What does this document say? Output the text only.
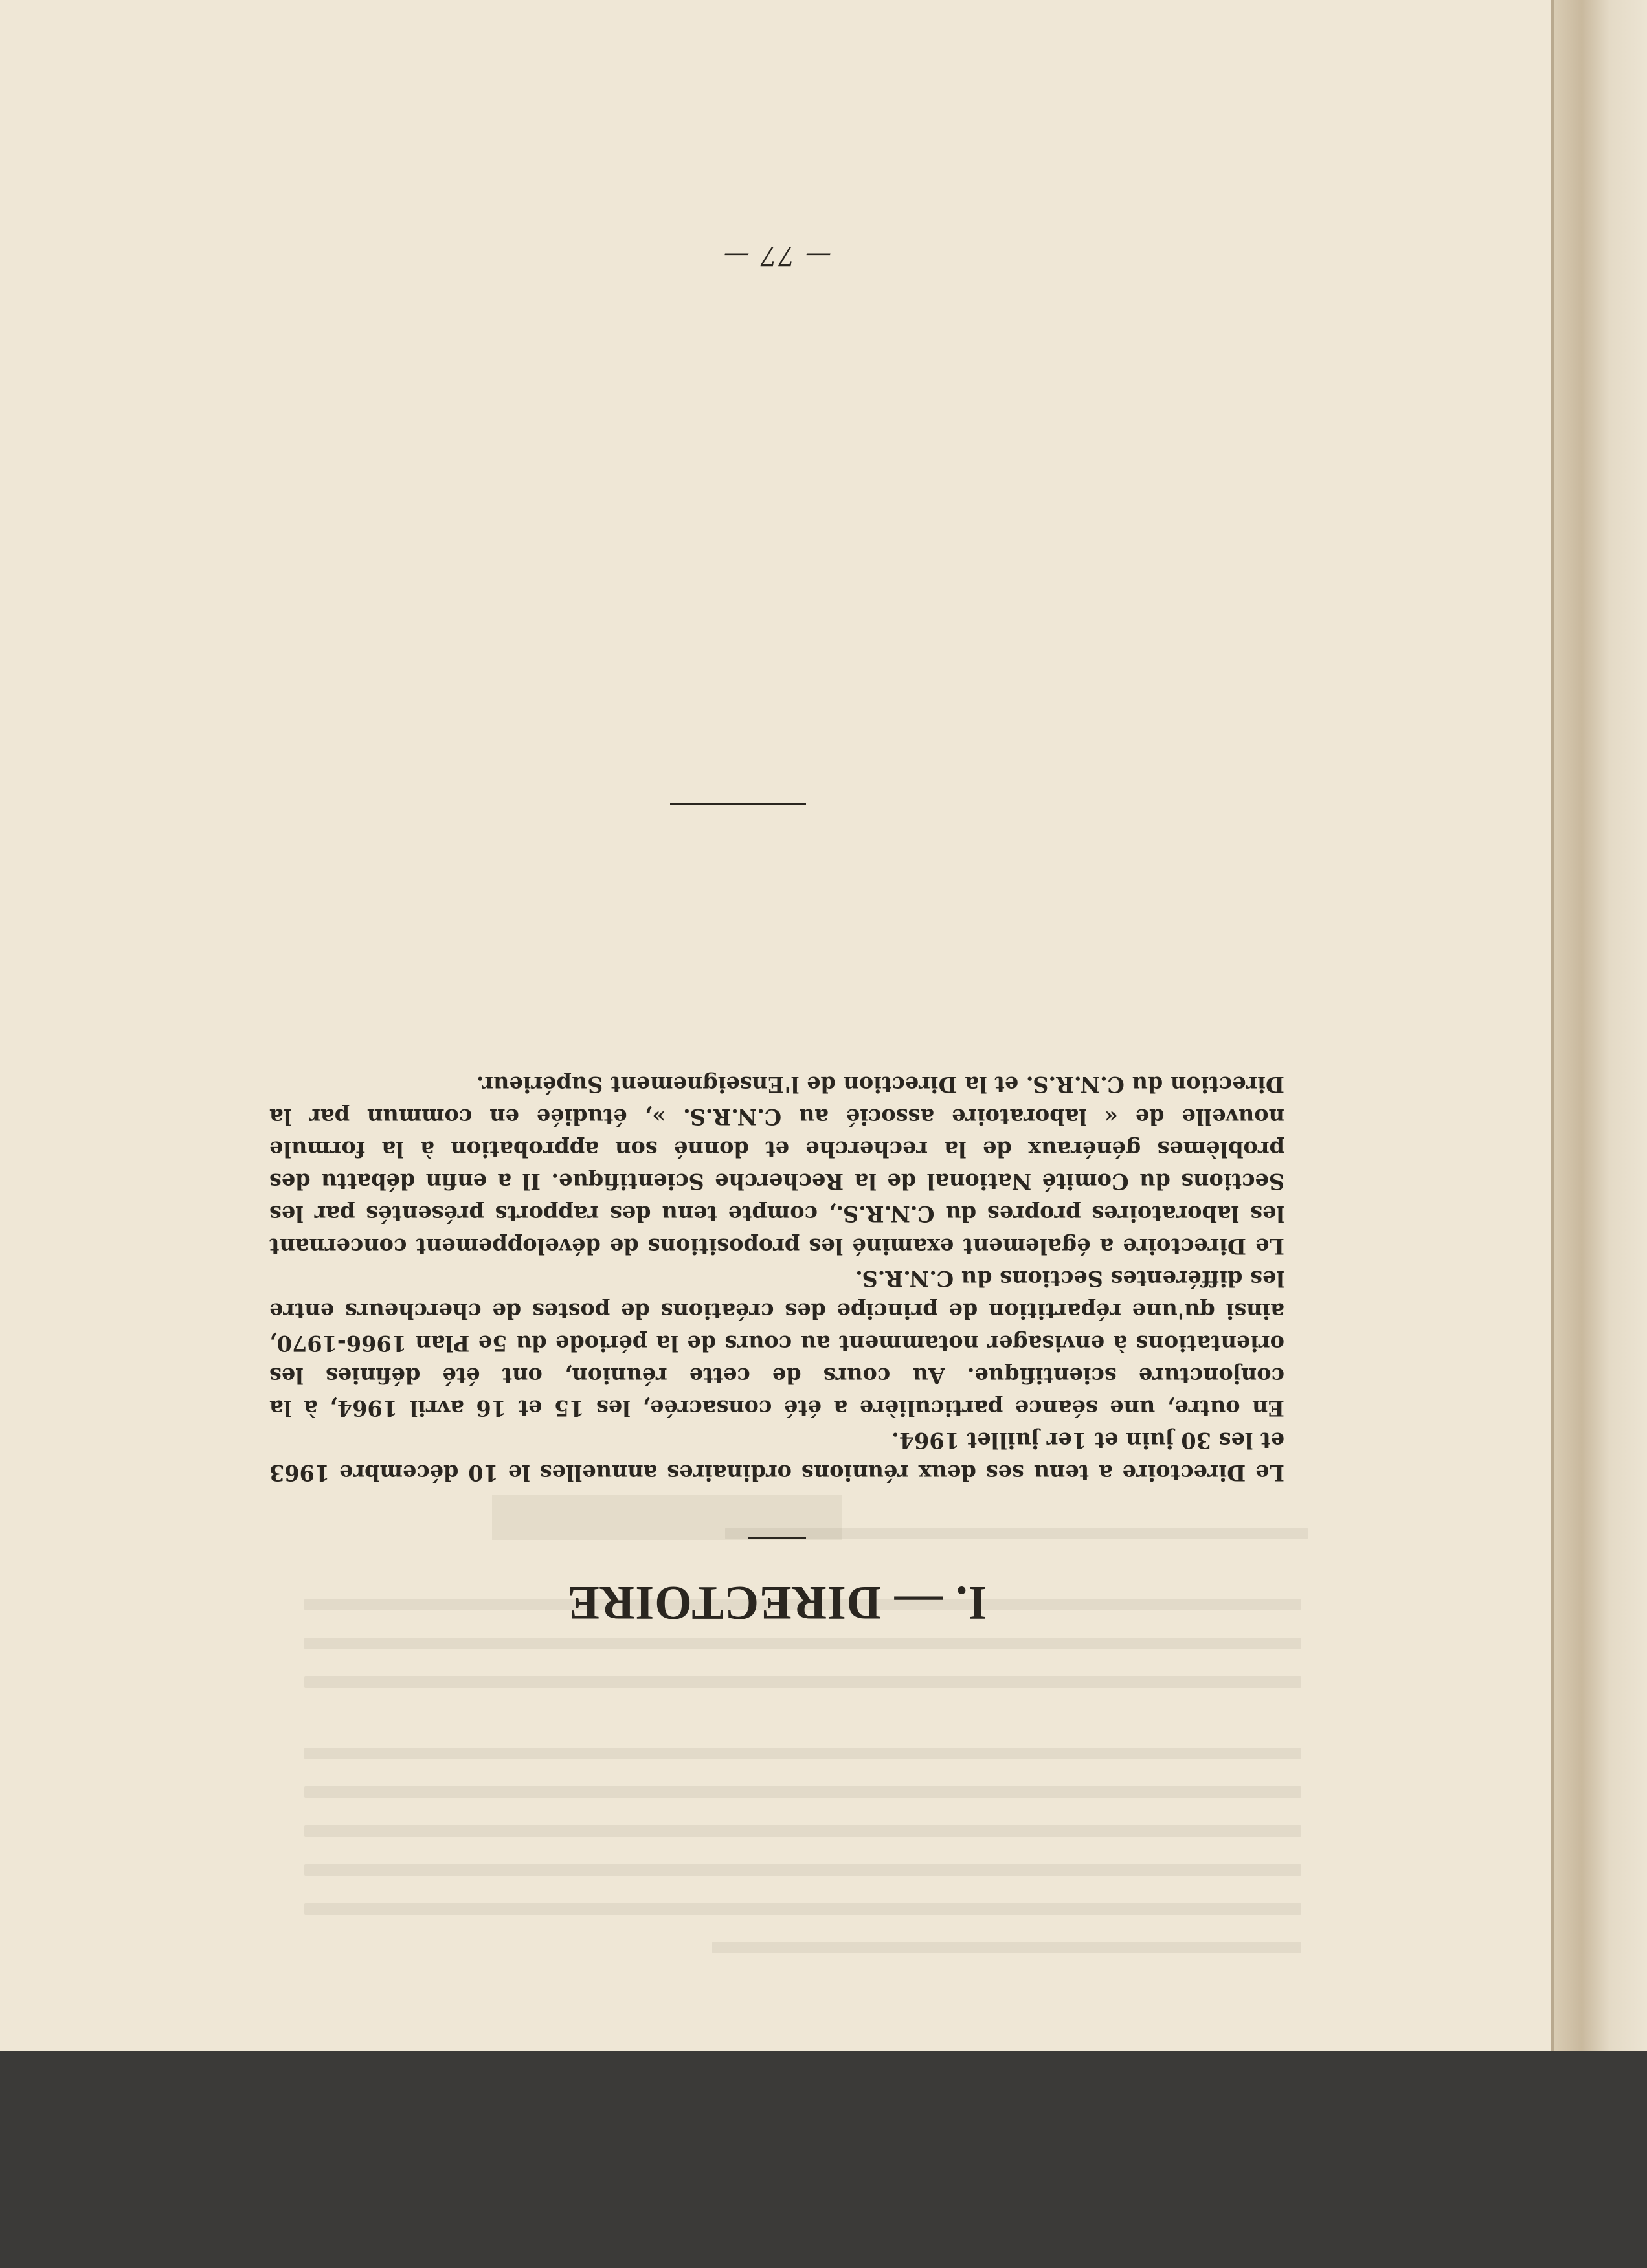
— 77 —
I. — DIRECTOIRE

Le Directoire a tenu ses deux réunions ordinaires annuelles le 10 décembre 1963 et les 30 juin et 1er juillet 1964.

En outre, une séance particulière a été consacrée, les 15 et 16 avril 1964, à la conjoncture scientifique. Au cours de cette réunion, ont été définies les orientations à envisager notamment au cours de la période du 5e Plan 1966-1970, ainsi qu'une répartition de principe des créations de postes de chercheurs entre les différentes Sections du C.N.R.S.

Le Directoire a également examiné les propositions de développement concernant les laboratoires propres du C.N.R.S., compte tenu des rapports présentés par les Sections du Comité National de la Recherche Scientifique. Il a enfin débattu des problèmes généraux de la recherche et donné son approbation à la formule nouvelle de « laboratoire associé au C.N.R.S. », étudiée en commun par la Direction du C.N.R.S. et la Direction de l'Enseignement Supérieur.
